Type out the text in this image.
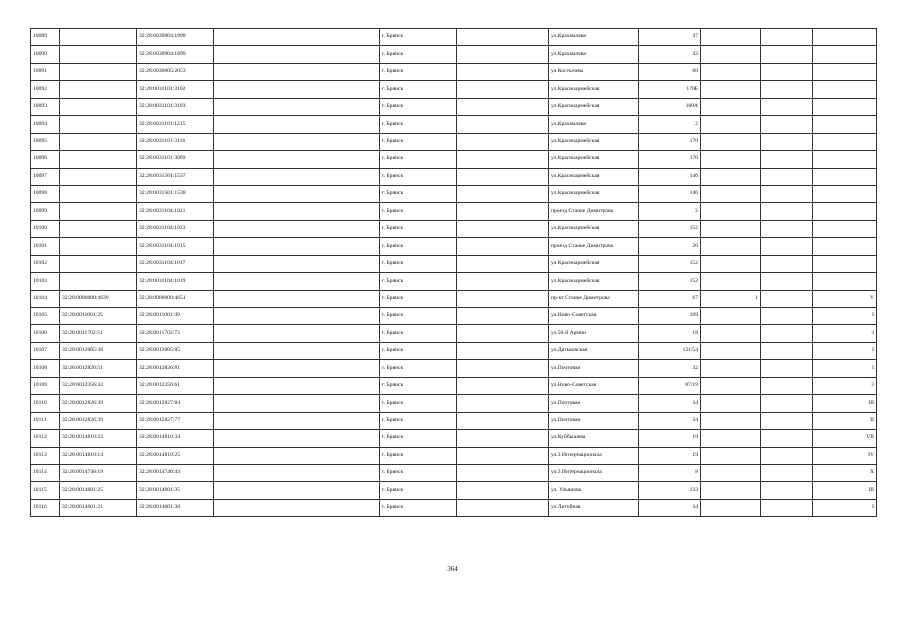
10089		32:28:0030904:1898		г. Брянск		ул.Крахмалева	47			
10090		32:28:0030904:1899		г. Брянск		ул.Крахмалева	43			
10091		32:28:0030605:2053		г. Брянск		ул.Костычева	60			
10092		32:28:0031101:3102		г. Брянск		ул.Красноармейская	170Б			
10093		32:28:0031101:3103		г. Брянск		ул.Красноармейская	160А			
10094		32:28:0031101:1215		г. Брянск		ул.Крахмалева	2			
10095		32:28:0031101:3116		г. Брянск		ул.Красноармейская	170			
10096		32:28:0031101:3089		г. Брянск		ул.Красноармейская	170			
10097		32:28:0031501:1537		г. Брянск		ул.Красноармейская	146			
10098		32:28:0031501:1538		г. Брянск		ул.Красноармейская	146			
10099		32:28:0031104:1021		г. Брянск		проезд Станке Димитрова	2			
10100		32:28:0031104:1023		г. Брянск		ул.Красноармейская	152			
10101		32:28:0031104:1015		г. Брянск		проезд Станке Димитрова	20			
10102		32:28:0031104:1017		г. Брянск		ул.Красноармейская	152			
10103		32:28:0031104:1019		г. Брянск		ул.Красноармейская	152			
10104	32:28:0000000:4639	32:28:0000000:4651		г. Брянск		пр-кт Станке Димитрова	67	1		V
10105	32:28:0011001:35	32:28:0011001:49		г. Брянск		ул.Ново-Советская	109			I
10106	32:28:0011702:51	32:28:0011702:73		г. Брянск		ул.50-й Армии	18			3
10107	32:28:0012005:38	32:28:0012005:85		г. Брянск		ул.Дятьковская	121/54			I
10108	32:28:0012826:51	32:28:0012826:81		г. Брянск		ул.Почтовая	32			I
10109	32:28:0012356:32	32:28:0012356:61		г. Брянск		ул.Ново-Советская	87/19			3
10110	32:28:0012826:39	32:28:0012827:84		г. Брянск		ул.Почтовая	34			III
10111	32:28:0012826:39	32:28:0012827:77		г. Брянск		ул.Почтовая	34			II
10112	32:28:0014810:23	32:28:0014810:34		г. Брянск		ул.Куйбышева	19			VII
10113	32:28:0014810:14	32:28:0014810:25		г. Брянск		ул.3 Интернационала	19			IV
10114	32:28:0014740:19	32:28:0014740:43		г. Брянск		ул.3 Интернационала	8			X
10115	32:28:0014601:25	32:28:0014601:35		г. Брянск		ул. Ульянова	133			III
10116	32:28:0014601:21	32:28:0014601:38		г. Брянск		ул.Литейная	34			I
364
